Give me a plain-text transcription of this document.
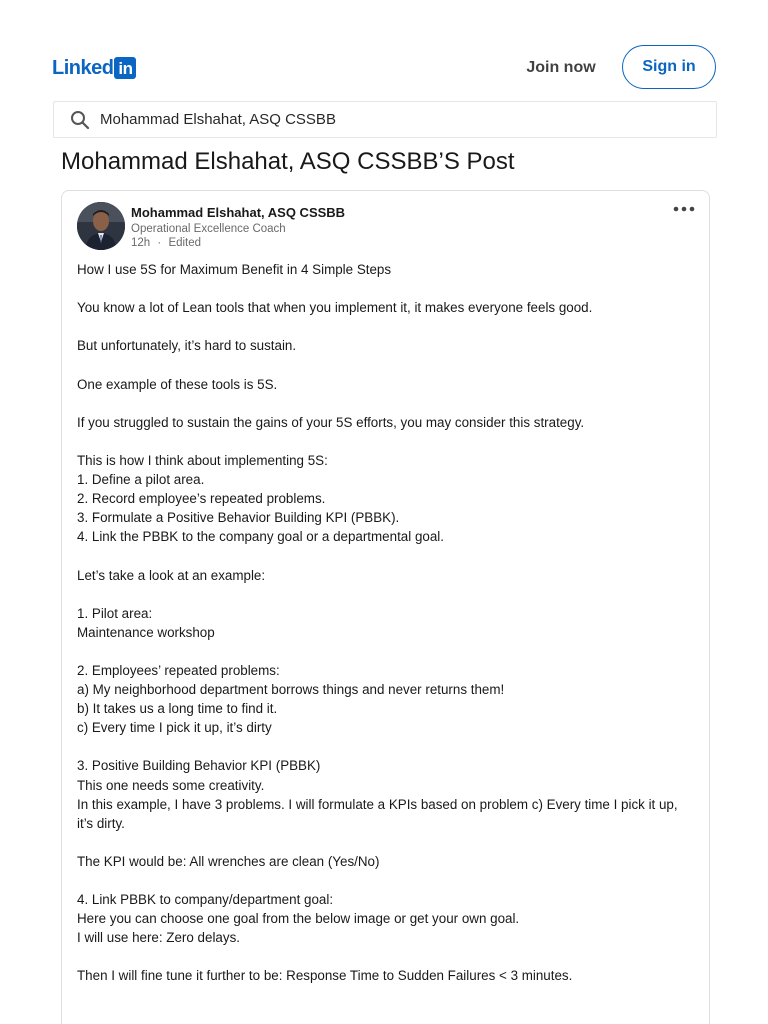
Linked in	Join now	Sign in
Mohammad Elshahat, ASQ CSSBB
Mohammad Elshahat, ASQ CSSBB’S Post
Mohammad Elshahat, ASQ CSSBB
Operational Excellence Coach
12h · Edited
How I use 5S for Maximum Benefit in 4 Simple Steps
You know a lot of Lean tools that when you implement it, it makes everyone feels good.
But unfortunately, it’s hard to sustain.
One example of these tools is 5S.
If you struggled to sustain the gains of your 5S efforts, you may consider this strategy.
This is how I think about implementing 5S:
1. Define a pilot area.
2. Record employee’s repeated problems.
3. Formulate a Positive Behavior Building KPI (PBBK).
4. Link the PBBK to the company goal or a departmental goal.
Let’s take a look at an example:
1. Pilot area:
Maintenance workshop
2. Employees’ repeated problems:
a) My neighborhood department borrows things and never returns them!
b) It takes us a long time to find it.
c) Every time I pick it up, it’s dirty
3. Positive Building Behavior KPI (PBBK)
This one needs some creativity.
In this example, I have 3 problems. I will formulate a KPIs based on problem c) Every time I pick it up,
it’s dirty.
The KPI would be: All wrenches are clean (Yes/No)
4. Link PBBK to company/department goal:
Here you can choose one goal from the below image or get your own goal.
I will use here: Zero delays.
Then I will fine tune it further to be: Response Time to Sudden Failures < 3 minutes.
